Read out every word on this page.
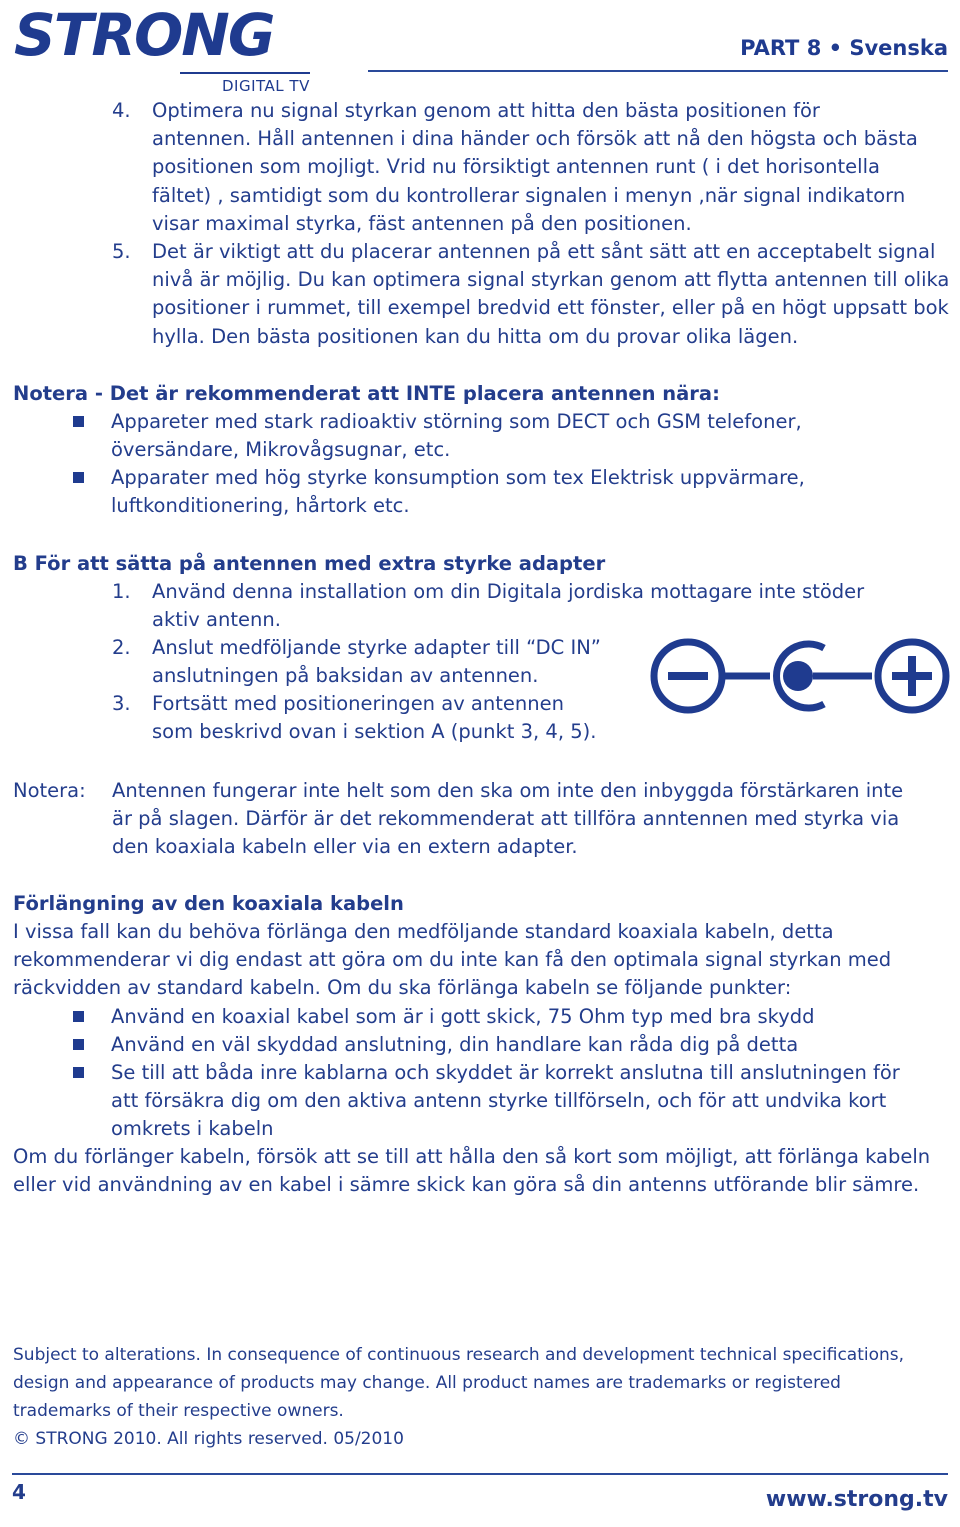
STRONG
DIGITAL TV
PART 8 • Svenska
4.	Optimera nu signal styrkan genom att hitta den bästa positionen för
antennen. Håll antennen i dina händer och försök att nå den högsta och bästa
positionen som mojligt. Vrid nu försiktigt antennen runt ( i det horisontella
fältet) , samtidigt som du kontrollerar signalen i menyn ,när signal indikatorn
visar maximal styrka, fäst antennen på den positionen.
5.	Det är viktigt att du placerar antennen på ett sånt sätt att en acceptabelt signal
nivå är möjlig. Du kan optimera signal styrkan genom att flytta antennen till olika
positioner i rummet, till exempel bredvid ett fönster, eller på en högt uppsatt bok
hylla. Den bästa positionen kan du hitta om du provar olika lägen.
Notera - Det är rekommenderat att INTE placera antennen nära:
Appareter med stark radioaktiv störning som DECT och GSM telefoner,
översändare, Mikrovågsugnar, etc.
Apparater med hög styrke konsumption som tex Elektrisk uppvärmare,
luftkonditionering, hårtork etc.
B För att sätta på antennen med extra styrke adapter
1.	Använd denna installation om din Digitala jordiska mottagare inte stöder
aktiv antenn.
2.	Anslut medföljande styrke adapter till “DC IN”
anslutningen på baksidan av antennen.
3.	Fortsätt med positioneringen av antennen
som beskrivd ovan i sektion A (punkt 3, 4, 5).
Notera: Antennen fungerar inte helt som den ska om inte den inbyggda förstärkaren inte
är på slagen. Därför är det rekommenderat att tillföra anntennen med styrka via
den koaxiala kabeln eller via en extern adapter.
Förlängning av den koaxiala kabeln
I vissa fall kan du behöva förlänga den medföljande standard koaxiala kabeln, detta
rekommenderar vi dig endast att göra om du inte kan få den optimala signal styrkan med
räckvidden av standard kabeln. Om du ska förlänga kabeln se följande punkter:
Använd en koaxial kabel som är i gott skick, 75 Ohm typ med bra skydd
Använd en väl skyddad anslutning, din handlare kan råda dig på detta
Se till att båda inre kablarna och skyddet är korrekt anslutna till anslutningen för
att försäkra dig om den aktiva antenn styrke tillförseln, och för att undvika kort
omkrets i kabeln
Om du förlänger kabeln, försök att se till att hålla den så kort som möjligt, att förlänga kabeln
eller vid användning av en kabel i sämre skick kan göra så din antenns utförande blir sämre.
Subject to alterations. In consequence of continuous research and development technical specifications,
design and appearance of products may change. All product names are trademarks or registered
trademarks of their respective owners.
© STRONG 2010. All rights reserved. 05/2010
4	www.strong.tv
